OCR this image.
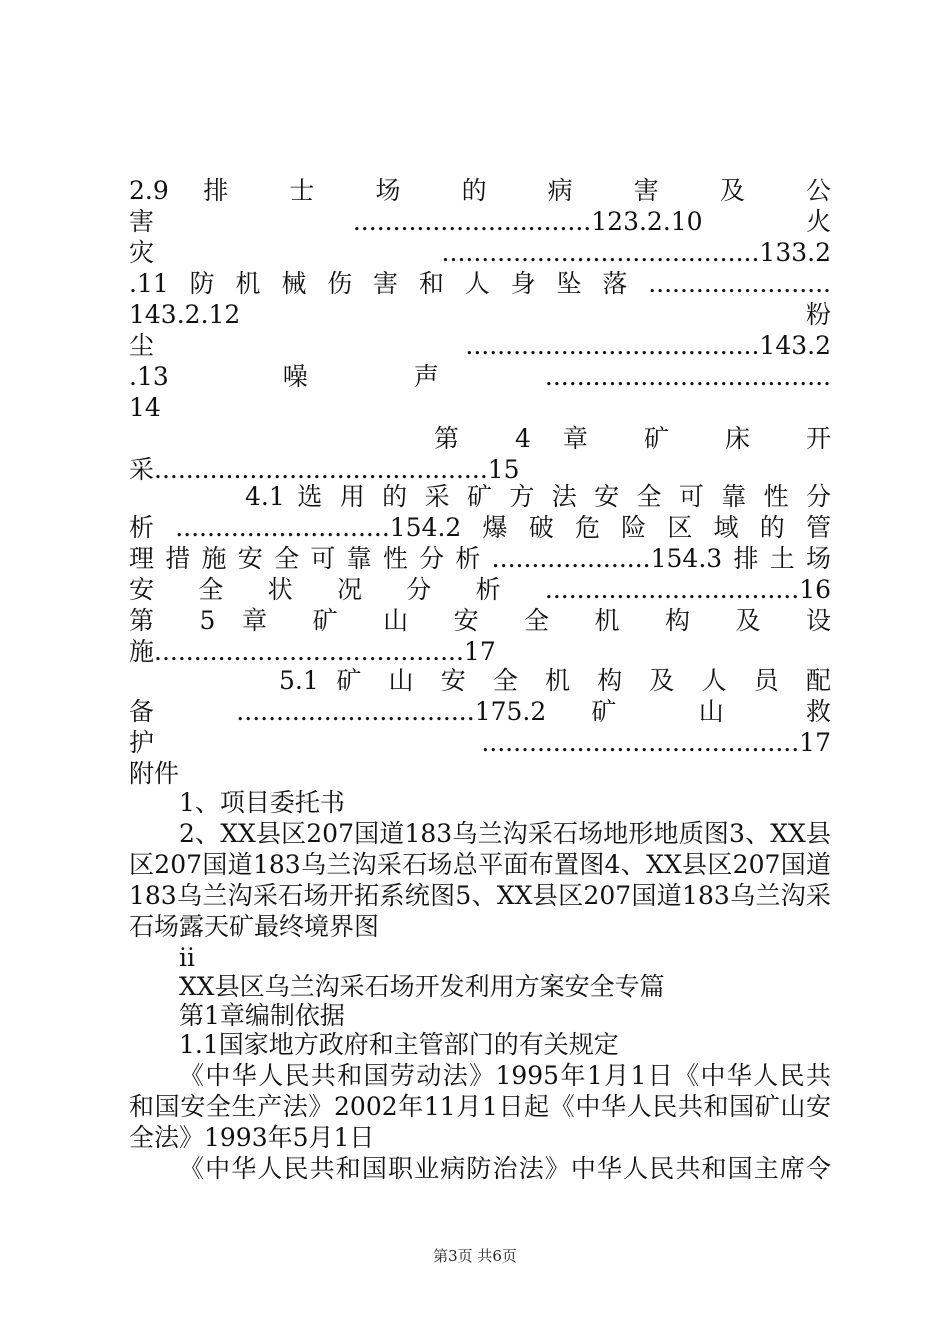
2.9 排 士 场 的 病 害 及 公
害 ..............................123.2.10 火
灾........................................133.2
.11防机械伤害和人身坠落.......................
143.2.12 粉
尘.....................................143.2
.13 噪声....................................
14
第 4 章 矿 床 开
采..........................................15
4.1 选 用 的 采 矿 方 法 安 全 可 靠 性 分
析...........................154.2爆破危险区域的管
理措施安全可靠性分析....................154.3排土场
安全状况分析................................16
第 5 章 矿 山 安 全 机 构 及 设
施.......................................17
5.1 矿 山 安 全 机 构 及 人 员 配
备 ..............................175.2 矿 山 救
护........................................17
附件
1、项目委托书
2、XX县区207国道183乌兰沟采石场地形地质图3、XX县
区207国道183乌兰沟采石场总平面布置图4、XX县区207国道
183乌兰沟采石场开拓系统图5、XX县区207国道183乌兰沟采
石场露天矿最终境界图
ii
XX县区乌兰沟采石场开发利用方案安全专篇
第1章编制依据
1.1国家地方政府和主管部门的有关规定
《中华人民共和国劳动法》1995年1月1日《中华人民共
和国安全生产法》2002年11月1日起《中华人民共和国矿山安
全法》1993年5月1日
《中华人民共和国职业病防治法》中华人民共和国主席令
第3页 共6页
